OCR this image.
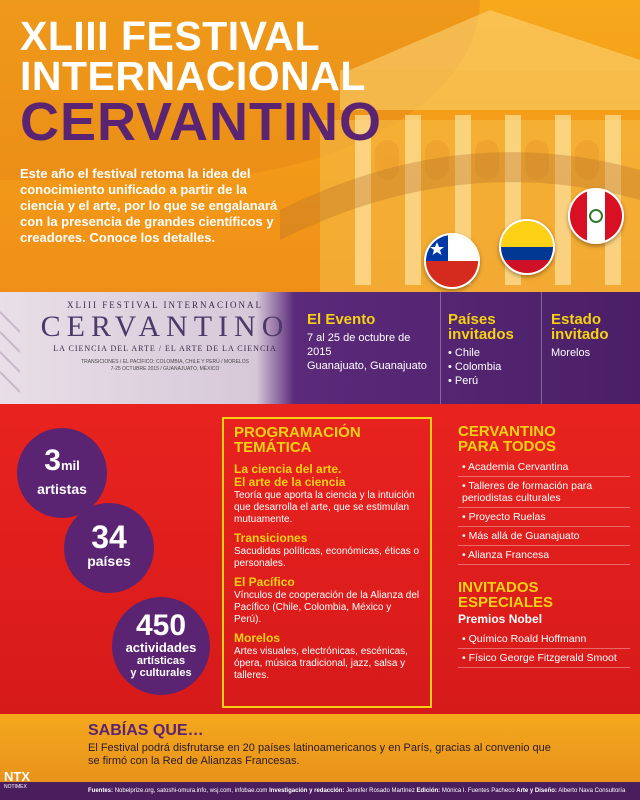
XLIII FESTIVAL
INTERNACIONAL
CERVANTINO
Este año el festival retoma la idea del conocimiento unificado a partir de la ciencia y el arte, por lo que se engalanará con la presencia de grandes científicos y creadores. Conoce los detalles.
XLIII FESTIVAL INTERNACIONAL
CERVANTINO
LA CIENCIA DEL ARTE / EL ARTE DE LA CIENCIA
TRANSICIONES / EL PACÍFICO: COLOMBIA, CHILE Y PERÚ / MORELOS
7-25 OCTUBRE 2015 / GUANAJUATO, MÉXICO
El Evento

7 al 25 de octubre de 2015

Guanajuato, Guanajuato

Países
invitados
• Chile
• Colombia
• Perú
Estado
invitado

Morelos

3mil
artistas
34
países
450
actividades
artísticas
y culturales
PROGRAMACIÓN
TEMÁTICA
La ciencia del arte.
El arte de la ciencia

Teoría que aporta la ciencia y la intuición que desarrolla el arte, que se estimulan mutuamente.

Transiciones

Sacudidas políticas, económicas, éticas o personales.

El Pacífico

Vínculos de cooperación de la Alianza del Pacífico (Chile, Colombia, México y Perú).

Morelos

Artes visuales, electrónicas, escénicas, ópera, música tradicional, jazz, salsa y talleres.

CERVANTINO
PARA TODOS
• Academia Cervantina
• Talleres de formación para periodistas culturales
• Proyecto Ruelas
• Más allá de Guanajuato
• Alianza Francesa
INVITADOS
ESPECIALES
Premios Nobel
• Químico Roald Hoffmann
• Físico George Fitzgerald Smoot
SABÍAS QUE…
El Festival podrá disfrutarse en 20 países latinoamericanos y en París, gracias al convenio que se firmó con la Red de Alianzas Francesas.
NTX
NOTIMEX
Fuentes: Nobelprize.org, satoshi-omura.info, wsj.com, infobae.com Investigación y redacción: Jennifer Rosado Martínez Edición: Mónica I. Fuentes Pacheco Arte y Diseño: Alberto Nava Consultoría
